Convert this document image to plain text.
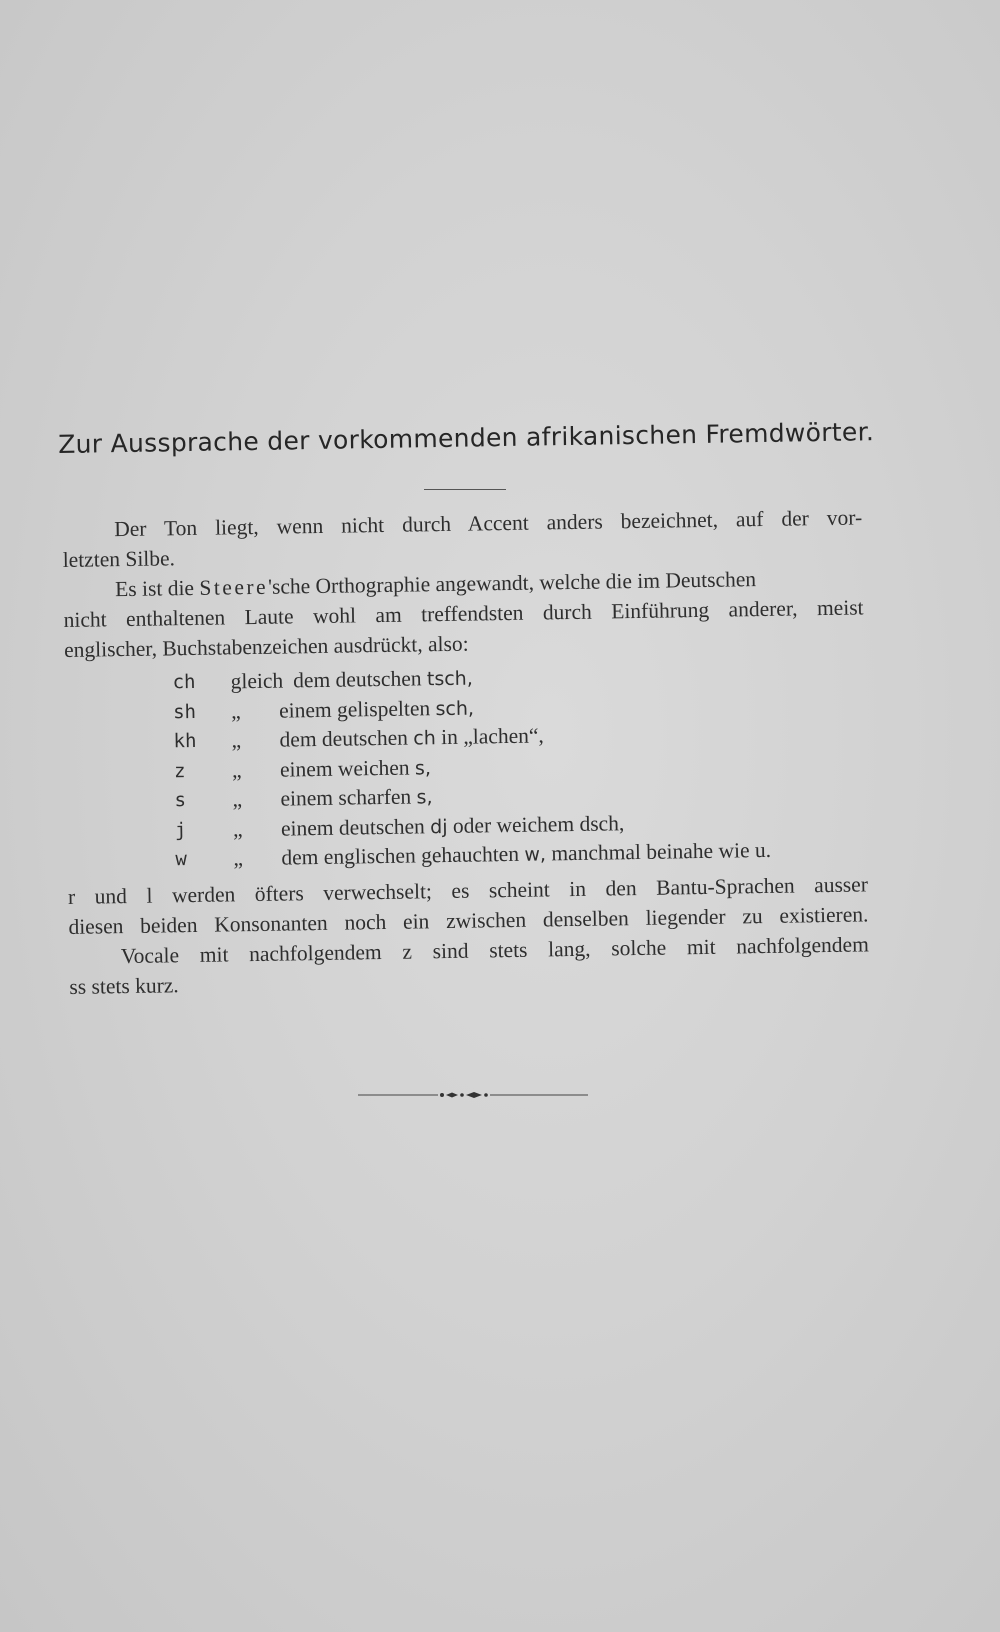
Zur Aussprache der vorkommenden afrikanischen Fremdwörter.
Der Ton liegt, wenn nicht durch Accent anders bezeichnet, auf der vor-
letzten Silbe.
Es ist die Steere'sche Orthographie angewandt, welche die im Deutschen
nicht enthaltenen Laute wohl am treffendsten durch Einführung anderer, meist
englischer, Buchstabenzeichen ausdrückt, also:
ch	gleich dem deutschen tsch,
sh	„	einem gelispelten sch,
kh	„	dem deutschen ch in „lachen“,
z	„	einem weichen s,
s	„	einem scharfen s,
j	„	einem deutschen dj oder weichem dsch,
w	„	dem englischen gehauchten w, manchmal beinahe wie u.
r und l werden öfters verwechselt; es scheint in den Bantu-Sprachen ausser
diesen beiden Konsonanten noch ein zwischen denselben liegender zu existieren.
Vocale mit nachfolgendem z sind stets lang, solche mit nachfolgendem
ss stets kurz.
